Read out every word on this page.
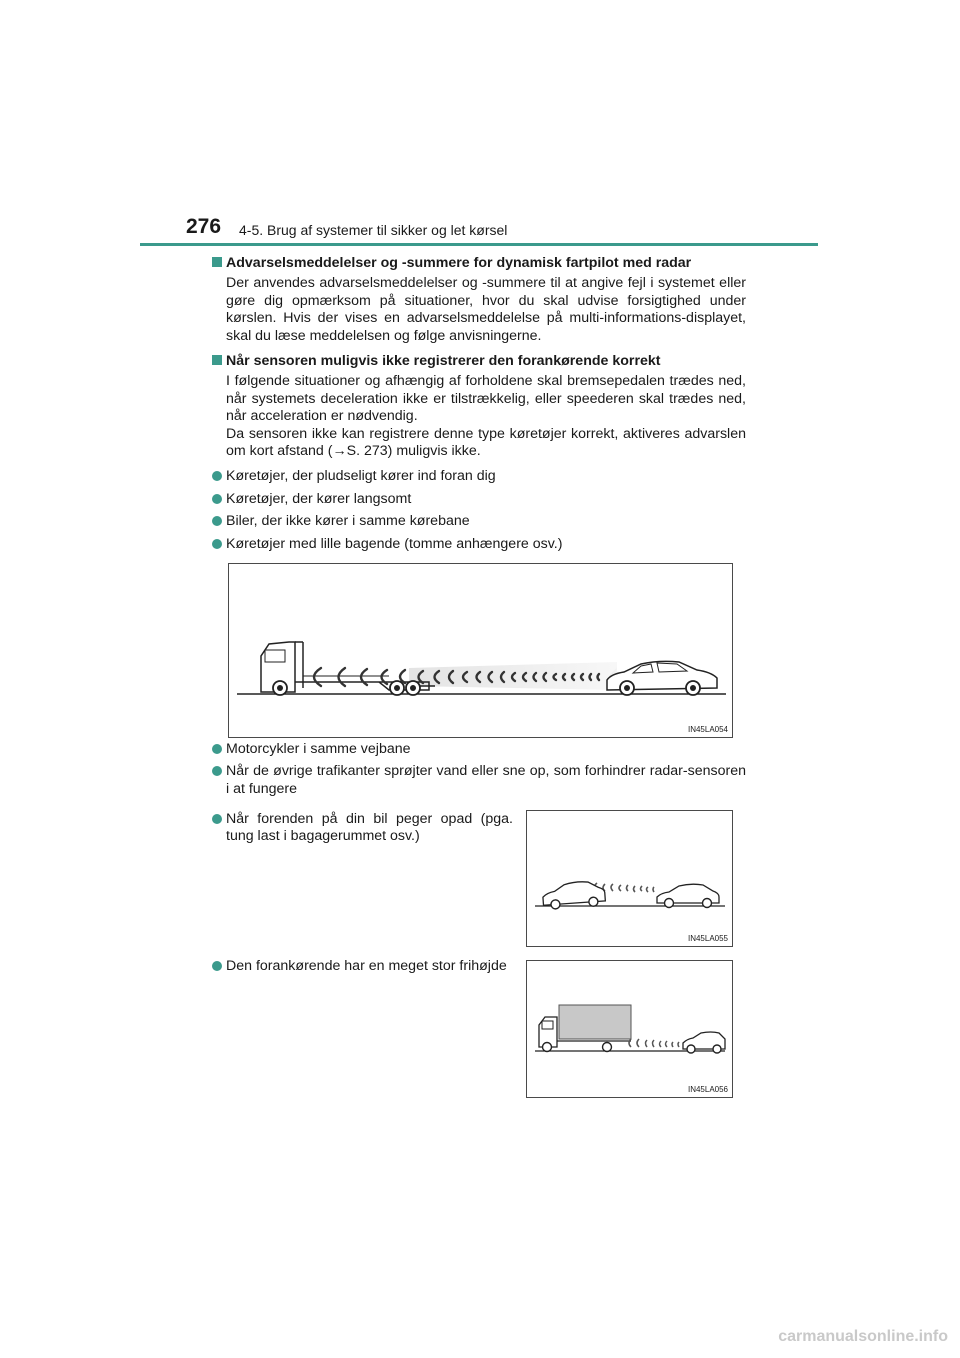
276 4-5. Brug af systemer til sikker og let kørsel

Advarselsmeddelelser og -summere for dynamisk fartpilot med radar

Der anvendes advarselsmeddelelser og -summere til at angive fejl i systemet eller gøre dig opmærksom på situationer, hvor du skal udvise forsigtighed under kørslen. Hvis der vises en advarselsmeddelelse på multi-informations-displayet, skal du læse meddelelsen og følge anvisningerne.

Når sensoren muligvis ikke registrerer den forankørende korrekt

I følgende situationer og afhængig af forholdene skal bremsepedalen trædes ned, når systemets deceleration ikke er tilstrækkelig, eller speederen skal trædes ned, når acceleration er nødvendig.

Da sensoren ikke kan registrere denne type køretøjer korrekt, aktiveres advarslen om kort afstand (→S. 273) muligvis ikke.

Køretøjer, der pludseligt kører ind foran dig

Køretøjer, der kører langsomt

Biler, der ikke kører i samme kørebane

Køretøjer med lille bagende (tomme anhængere osv.)

IN45LA054

Motorcykler i samme vejbane

Når de øvrige trafikanter sprøjter vand eller sne op, som forhindrer radar-sensoren i at fungere

Når forenden på din bil peger opad (pga. tung last i bagagerummet osv.)
IN45LA055
Den forankørende har en meget stor frihøjde
IN45LA056
carmanualsonline.info
